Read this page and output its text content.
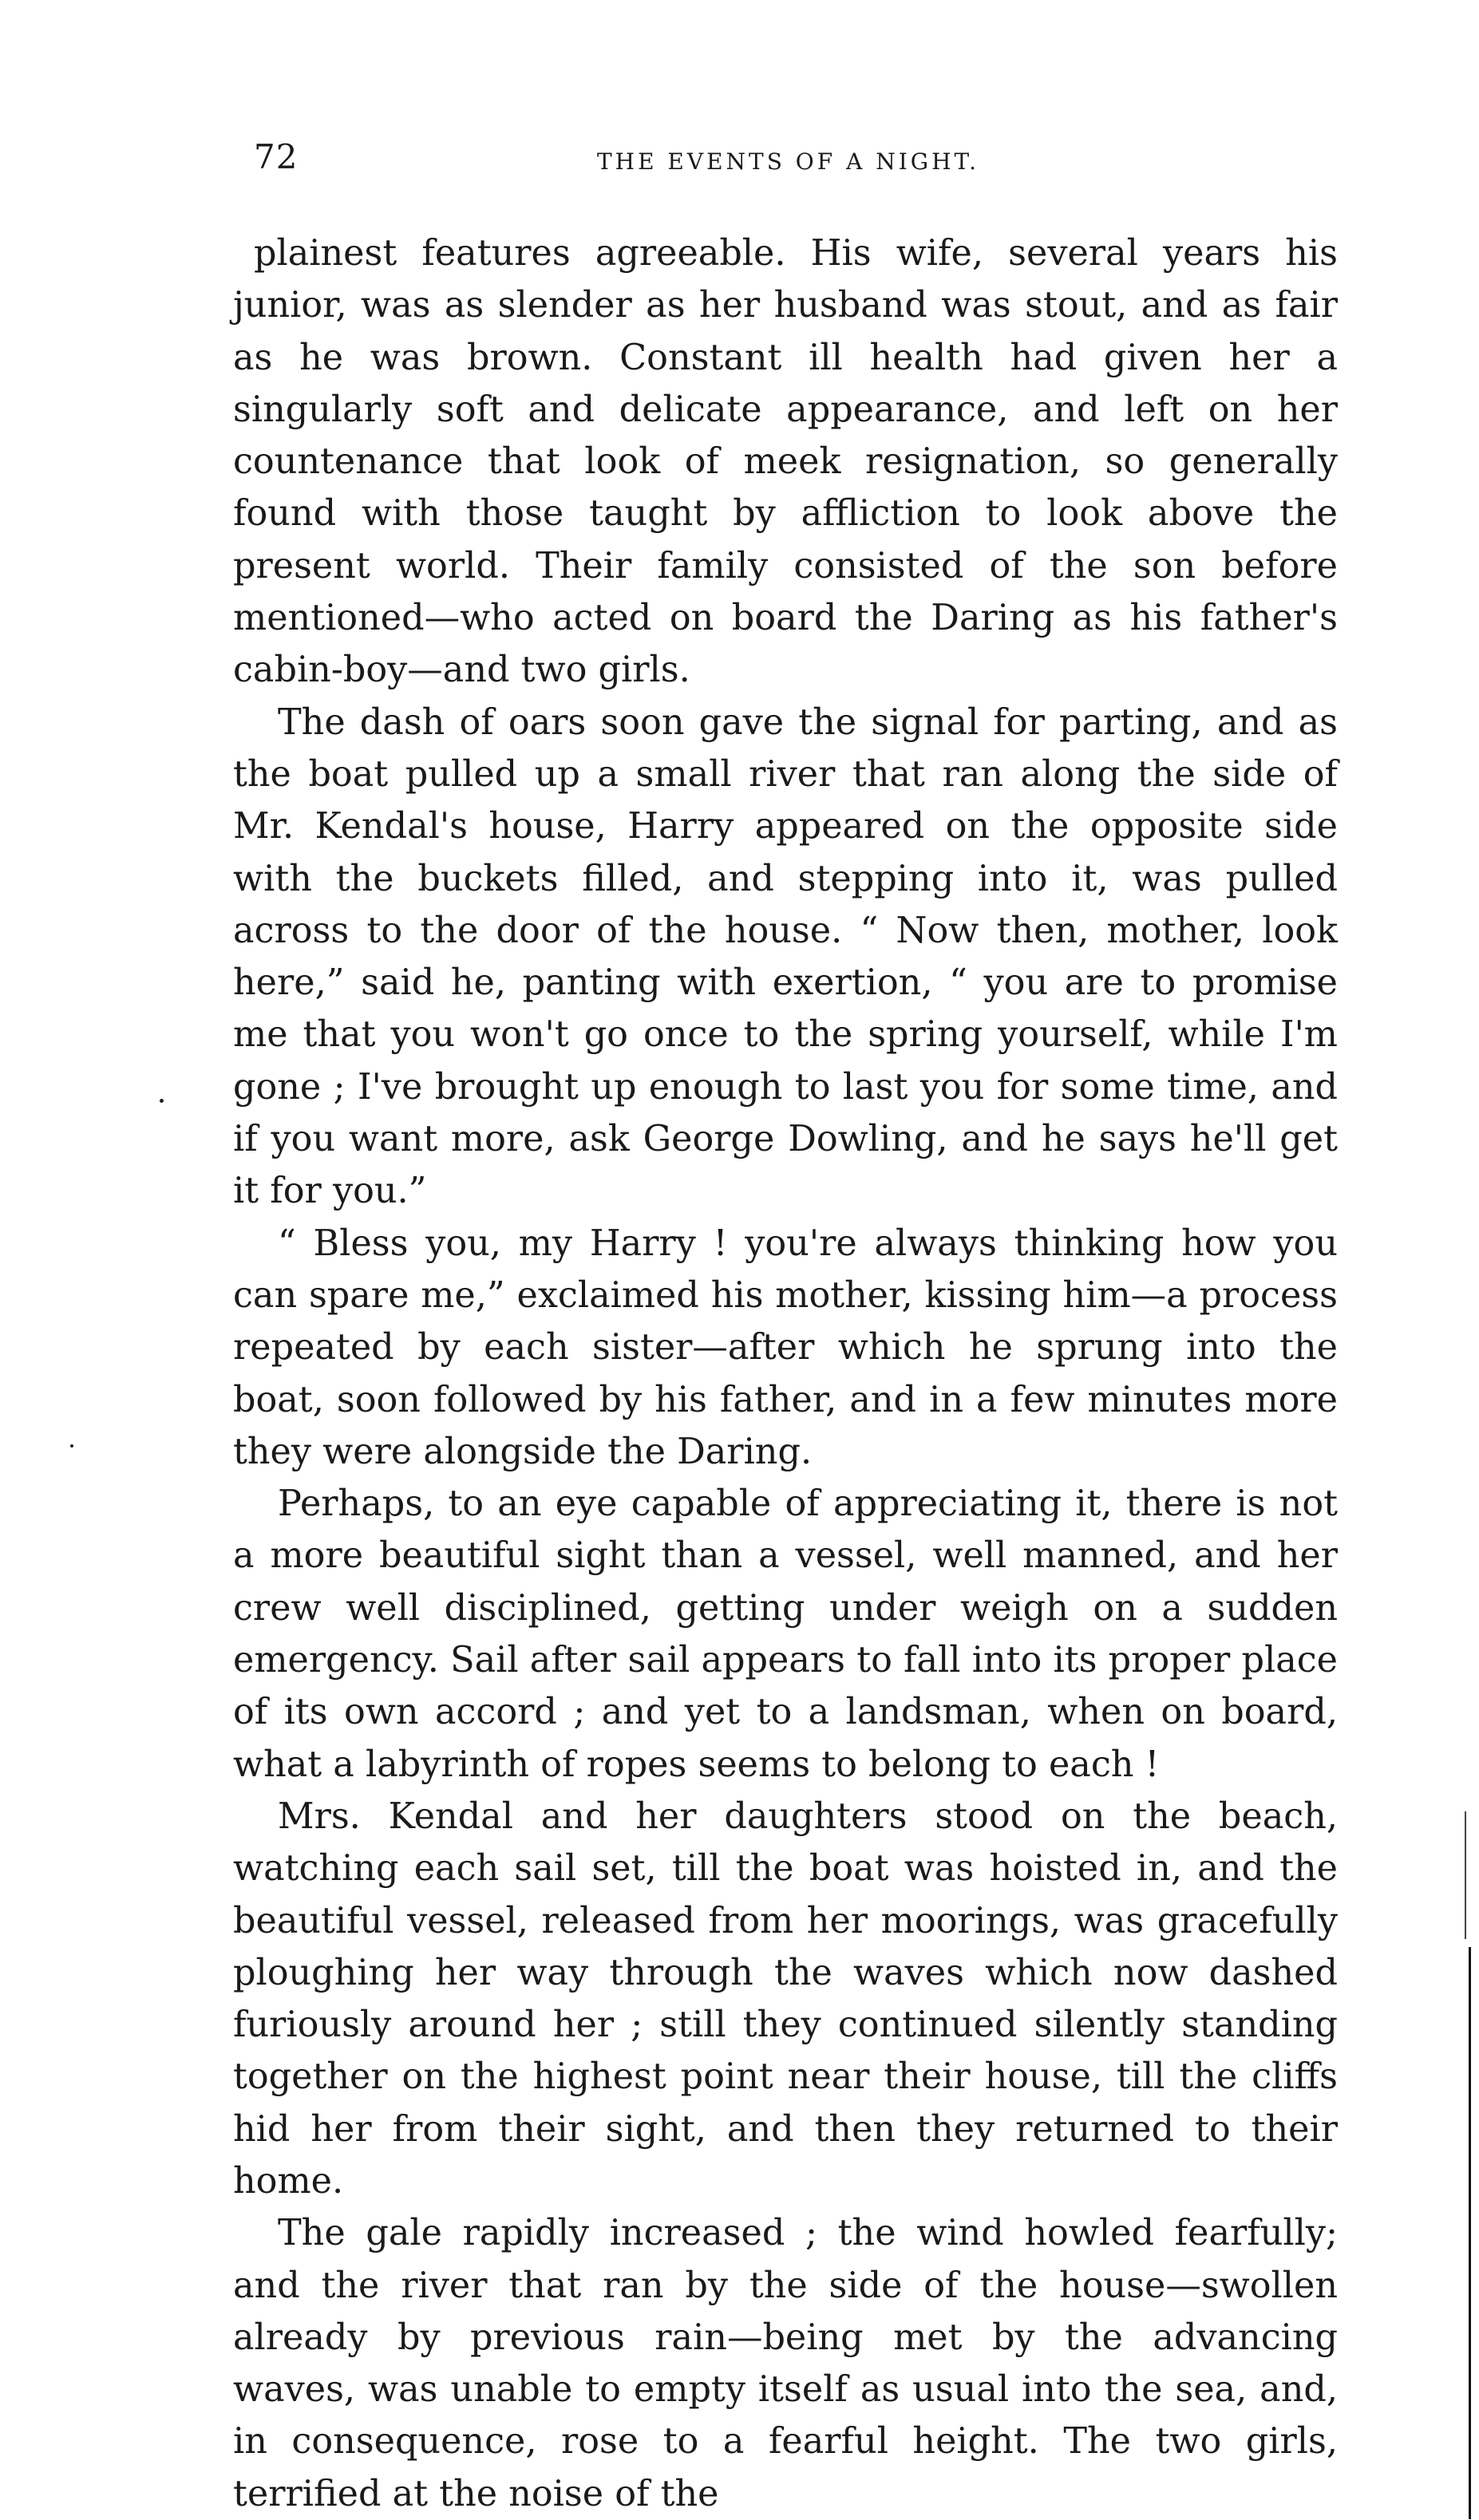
72	THE EVENTS OF A NIGHT.

plainest features agreeable. His wife, several years his junior, was as slender as her husband was stout, and as fair as he was brown. Constant ill health had given her a singularly soft and delicate appearance, and left on her countenance that look of meek resignation, so generally found with those taught by affliction to look above the present world. Their family consisted of the son before mentioned—who acted on board the Daring as his father's cabin-boy—and two girls.

The dash of oars soon gave the signal for parting, and as the boat pulled up a small river that ran along the side of Mr. Kendal's house, Harry appeared on the opposite side with the buckets filled, and stepping into it, was pulled across to the door of the house. “ Now then, mother, look here,” said he, panting with exertion, “ you are to promise me that you won't go once to the spring yourself, while I'm gone ; I've brought up enough to last you for some time, and if you want more, ask George Dowling, and he says he'll get it for you.”

“ Bless you, my Harry ! you're always thinking how you can spare me,” exclaimed his mother, kissing him—a process repeated by each sister—after which he sprung into the boat, soon followed by his father, and in a few minutes more they were alongside the Daring.

Perhaps, to an eye capable of appreciating it, there is not a more beautiful sight than a vessel, well manned, and her crew well disciplined, getting under weigh on a sudden emergency. Sail after sail appears to fall into its proper place of its own accord ; and yet to a landsman, when on board, what a labyrinth of ropes seems to belong to each !

Mrs. Kendal and her daughters stood on the beach, watching each sail set, till the boat was hoisted in, and the beautiful vessel, released from her moorings, was gracefully ploughing her way through the waves which now dashed furiously around her ; still they continued silently standing together on the highest point near their house, till the cliffs hid her from their sight, and then they returned to their home.

The gale rapidly increased ; the wind howled fearfully; and the river that ran by the side of the house—swollen already by previous rain—being met by the advancing waves, was unable to empty itself as usual into the sea, and, in consequence, rose to a fearful height. The two girls, terrified at the noise of the
